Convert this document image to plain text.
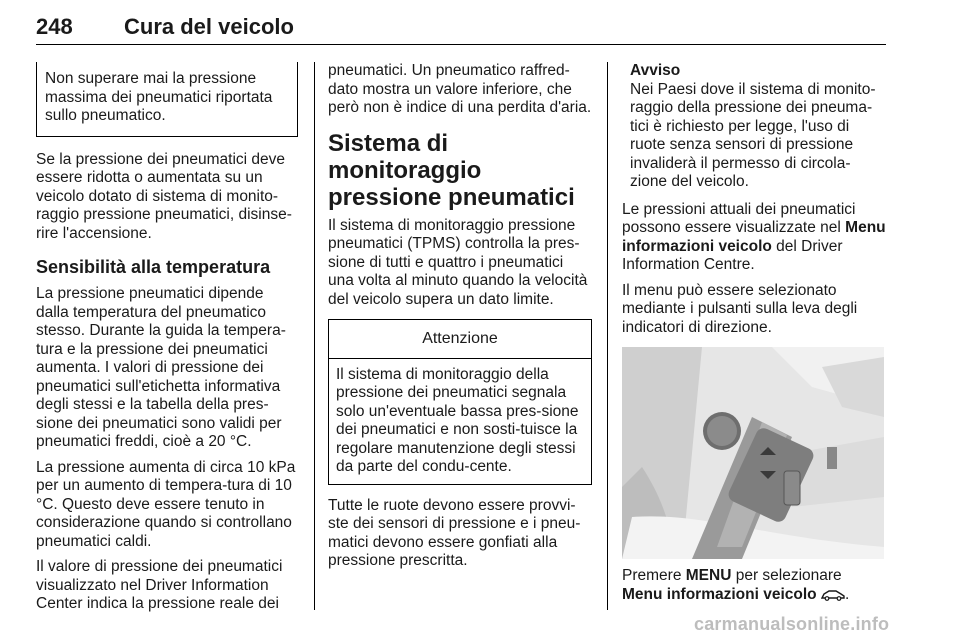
248 Cura del veicolo
Non superare mai la pressione massima dei pneumatici riportata sullo pneumatico.

Se la pressione dei pneumatici deve essere ridotta o aumentata su un veicolo dotato di sistema di monito-raggio pressione pneumatici, disinse-rire l'accensione.

Sensibilità alla temperatura

La pressione pneumatici dipende dalla temperatura del pneumatico stesso. Durante la guida la tempera-tura e la pressione dei pneumatici aumenta. I valori di pressione dei pneumatici sull'etichetta informativa degli stessi e la tabella della pres-sione dei pneumatici sono validi per pneumatici freddi, cioè a 20 °C.

La pressione aumenta di circa 10 kPa per un aumento di tempera-tura di 10 °C. Questo deve essere tenuto in considerazione quando si controllano pneumatici caldi.

Il valore di pressione dei pneumatici visualizzato nel Driver Information Center indica la pressione reale dei

pneumatici. Un pneumatico raffred-dato mostra un valore inferiore, che però non è indice di una perdita d'aria.

Sistema di monitoraggio pressione pneumatici

Il sistema di monitoraggio pressione pneumatici (TPMS) controlla la pres-sione di tutti e quattro i pneumatici una volta al minuto quando la velocità del veicolo supera un dato limite.

Attenzione
Il sistema di monitoraggio della pressione dei pneumatici segnala solo un'eventuale bassa pres-sione dei pneumatici e non sosti-tuisce la regolare manutenzione degli stessi da parte del condu-cente.

Tutte le ruote devono essere provvi-ste dei sensori di pressione e i pneu-matici devono essere gonfiati alla pressione prescritta.

Avviso
Nei Paesi dove il sistema di monito-raggio della pressione dei pneuma-tici è richiesto per legge, l'uso di ruote senza sensori di pressione invaliderà il permesso di circola-zione del veicolo.

Le pressioni attuali dei pneumatici possono essere visualizzate nel Menu informazioni veicolo del Driver Information Centre.

Il menu può essere selezionato mediante i pulsanti sulla leva degli indicatori di direzione.

Premere MENU per selezionare Menu informazioni veicolo .

carmanualsonline.info
